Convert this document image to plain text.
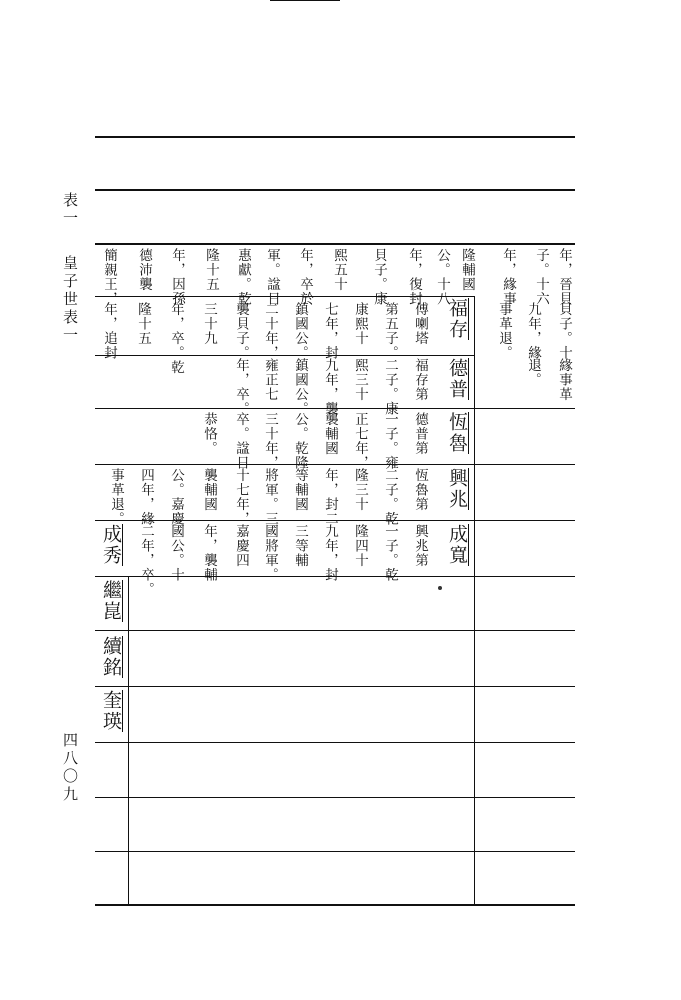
表一
皇子世表一
四八〇九
年，晉貝
子。十六
年，緣事
隆輔國
公。十八
年，復封
貝子。康
熙五十
年，卒於
軍。諡日
惠獻。乾
隆十五
年，因孫
德沛襲
簡親王，
貝子。十
九年，緣
事革退。
福存
傅喇塔
第五子。
康熙十
七年，封
鎮國公。
二十年，
襲貝子。
三十九
年，卒。乾
隆十五
年，追封
緣事革
退。
德普
福存第
二子。康
熙三十
九年，襲
鎮國公。
雍正七
年，卒。
恆魯
德普第
一子。雍
正七年，
襲輔國
公。乾隆
三十年，
卒。諡日
恭恪。
興兆
恆魯第
二子。乾
隆三十
年，封二
等輔國
將軍。三
十七年，
襲輔國
公。嘉慶
四年，緣
事革退。
成寬
興兆第
一子。乾
隆四十
九年，封
三等輔
國將軍。
嘉慶四
年，襲輔
國公。十
二年，卒。
成秀
繼崑
續銘
奎瑛
